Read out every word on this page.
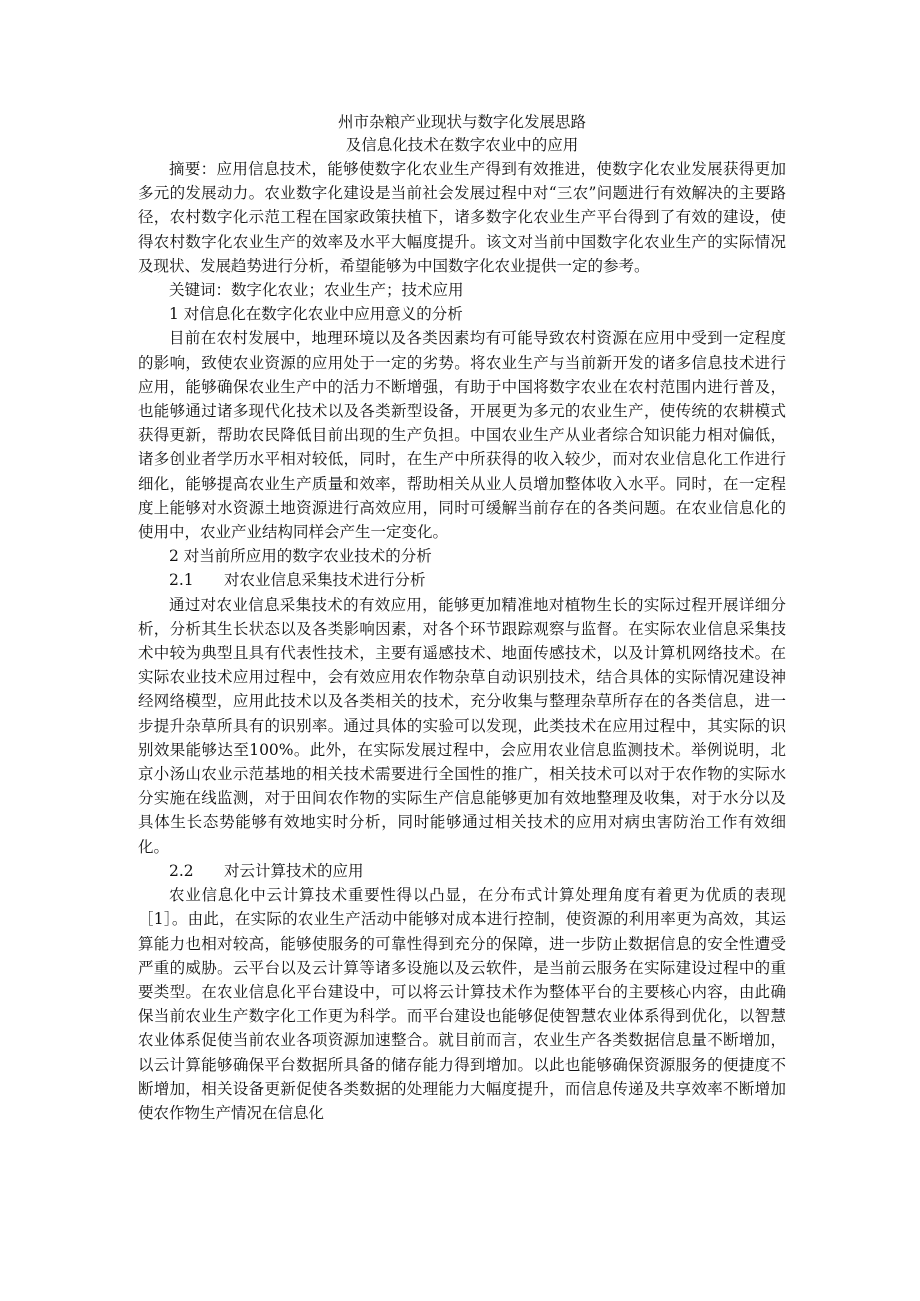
州市杂粮产业现状与数字化发展思路

及信息化技术在数字农业中的应用

摘要：应用信息技术，能够使数字化农业生产得到有效推进，使数字化农业发展获得更加多元的发展动力。农业数字化建设是当前社会发展过程中对“三农”问题进行有效解决的主要路径，农村数字化示范工程在国家政策扶植下，诸多数字化农业生产平台得到了有效的建设，使得农村数字化农业生产的效率及水平大幅度提升。该文对当前中国数字化农业生产的实际情况及现状、发展趋势进行分析，希望能够为中国数字化农业提供一定的参考。

关键词：数字化农业；农业生产；技术应用

1 对信息化在数字化农业中应用意义的分析

目前在农村发展中，地理环境以及各类因素均有可能导致农村资源在应用中受到一定程度的影响，致使农业资源的应用处于一定的劣势。将农业生产与当前新开发的诸多信息技术进行应用，能够确保农业生产中的活力不断增强，有助于中国将数字农业在农村范围内进行普及，也能够通过诸多现代化技术以及各类新型设备，开展更为多元的农业生产，使传统的农耕模式获得更新，帮助农民降低目前出现的生产负担。中国农业生产从业者综合知识能力相对偏低，诸多创业者学历水平相对较低，同时，在生产中所获得的收入较少，而对农业信息化工作进行细化，能够提高农业生产质量和效率，帮助相关从业人员增加整体收入水平。同时，在一定程度上能够对水资源土地资源进行高效应用，同时可缓解当前存在的各类问题。在农业信息化的使用中，农业产业结构同样会产生一定变化。

2 对当前所应用的数字农业技术的分析

2.1 对农业信息采集技术进行分析

通过对农业信息采集技术的有效应用，能够更加精准地对植物生长的实际过程开展详细分析，分析其生长状态以及各类影响因素，对各个环节跟踪观察与监督。在实际农业信息采集技术中较为典型且具有代表性技术，主要有遥感技术、地面传感技术，以及计算机网络技术。在实际农业技术应用过程中，会有效应用农作物杂草自动识别技术，结合具体的实际情况建设神经网络模型，应用此技术以及各类相关的技术，充分收集与整理杂草所存在的各类信息，进一步提升杂草所具有的识别率。通过具体的实验可以发现，此类技术在应用过程中，其实际的识别效果能够达至100%。此外，在实际发展过程中，会应用农业信息监测技术。举例说明，北京小汤山农业示范基地的相关技术需要进行全国性的推广，相关技术可以对于农作物的实际水分实施在线监测，对于田间农作物的实际生产信息能够更加有效地整理及收集，对于水分以及具体生长态势能够有效地实时分析，同时能够通过相关技术的应用对病虫害防治工作有效细化。

2.2 对云计算技术的应用

农业信息化中云计算技术重要性得以凸显，在分布式计算处理角度有着更为优质的表现［1］。由此，在实际的农业生产活动中能够对成本进行控制，使资源的利用率更为高效，其运算能力也相对较高，能够使服务的可靠性得到充分的保障，进一步防止数据信息的安全性遭受严重的威胁。云平台以及云计算等诸多设施以及云软件，是当前云服务在实际建设过程中的重要类型。在农业信息化平台建设中，可以将云计算技术作为整体平台的主要核心内容，由此确保当前农业生产数字化工作更为科学。而平台建设也能够促使智慧农业体系得到优化，以智慧农业体系促使当前农业各项资源加速整合。就目前而言，农业生产各类数据信息量不断增加，以云计算能够确保平台数据所具备的储存能力得到增加。以此也能够确保资源服务的便捷度不断增加，相关设备更新促使各类数据的处理能力大幅度提升，而信息传递及共享效率不断增加使农作物生产情况在信息化
